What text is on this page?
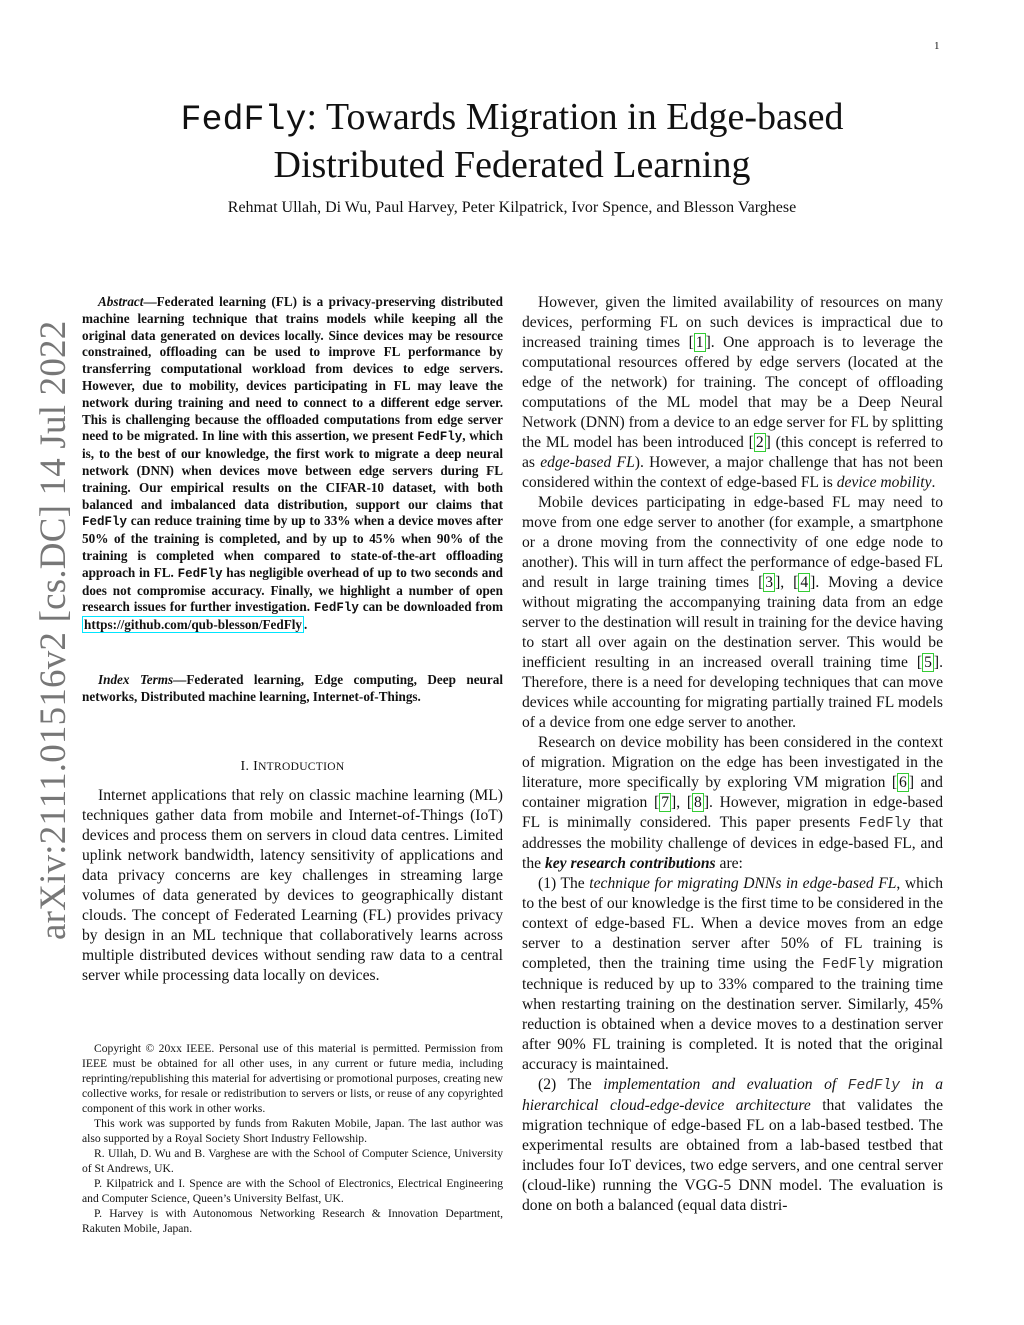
1
arXiv:2111.01516v2 [cs.DC] 14 Jul 2022
FedFly: Towards Migration in Edge-based
Distributed Federated Learning
Rehmat Ullah, Di Wu, Paul Harvey, Peter Kilpatrick, Ivor Spence, and Blesson Varghese

Abstract—Federated learning (FL) is a privacy-preserving distributed machine learning technique that trains models while keeping all the original data generated on devices locally. Since devices may be resource constrained, offloading can be used to improve FL performance by transferring computational workload from devices to edge servers. However, due to mobility, devices participating in FL may leave the network during training and need to connect to a different edge server. This is challenging because the offloaded computations from edge server need to be migrated. In line with this assertion, we present FedFly, which is, to the best of our knowledge, the first work to migrate a deep neural network (DNN) when devices move between edge servers during FL training. Our empirical results on the CIFAR-10 dataset, with both balanced and imbalanced data distribution, support our claims that FedFly can reduce training time by up to 33% when a device moves after 50% of the training is completed, and by up to 45% when 90% of the training is completed when compared to state-of-the-art offloading approach in FL. FedFly has negligible overhead of up to two seconds and does not compromise accuracy. Finally, we highlight a number of open research issues for further investigation. FedFly can be downloaded from https://github.com/qub-blesson/FedFly .

Index Terms—Federated learning, Edge computing, Deep neural networks, Distributed machine learning, Internet-of-Things.

I. INTRODUCTION

Internet applications that rely on classic machine learning (ML) techniques gather data from mobile and Internet-of-Things (IoT) devices and process them on servers in cloud data centres. Limited uplink network bandwidth, latency sensitivity of applications and data privacy concerns are key challenges in streaming large volumes of data generated by devices to geographically distant clouds. The concept of Federated Learning (FL) provides privacy by design in an ML technique that collaboratively learns across multiple distributed devices without sending raw data to a central server while processing data locally on devices.

Copyright © 20xx IEEE. Personal use of this material is permitted. Permission from IEEE must be obtained for all other uses, in any current or future media, including reprinting/republishing this material for advertising or promotional purposes, creating new collective works, for resale or redistribution to servers or lists, or reuse of any copyrighted component of this work in other works.

This work was supported by funds from Rakuten Mobile, Japan. The last author was also supported by a Royal Society Short Industry Fellowship.

R. Ullah, D. Wu and B. Varghese are with the School of Computer Science, University of St Andrews, UK.

P. Kilpatrick and I. Spence are with the School of Electronics, Electrical Engineering and Computer Science, Queen’s University Belfast, UK.

P. Harvey is with Autonomous Networking Research & Innovation Department, Rakuten Mobile, Japan.

However, given the limited availability of resources on many devices, performing FL on such devices is impractical due to increased training times [ 1 ]. One approach is to leverage the computational resources offered by edge servers (located at the edge of the network) for training. The concept of offloading computations of the ML model that may be a Deep Neural Network (DNN) from a device to an edge server for FL by splitting the ML model has been introduced [ 2 ] (this concept is referred to as edge-based FL). However, a major challenge that has not been considered within the context of edge-based FL is device mobility.

Mobile devices participating in edge-based FL may need to move from one edge server to another (for example, a smartphone or a drone moving from the connectivity of one edge node to another). This will in turn affect the performance of edge-based FL and result in large training times [ 3 ], [ 4 ]. Moving a device without migrating the accompanying training data from an edge server to the destination will result in training for the device having to start all over again on the destination server. This would be inefficient resulting in an increased overall training time [ 5 ]. Therefore, there is a need for developing techniques that can move devices while accounting for migrating partially trained FL models of a device from one edge server to another.

Research on device mobility has been considered in the context of migration. Migration on the edge has been investigated in the literature, more specifically by exploring VM migration [ 6 ] and container migration [ 7 ], [ 8 ]. However, migration in edge-based FL is minimally considered. This paper presents FedFly that addresses the mobility challenge of devices in edge-based FL, and the key research contributions are:

(1) The technique for migrating DNNs in edge-based FL, which to the best of our knowledge is the first time to be considered in the context of edge-based FL. When a device moves from an edge server to a destination server after 50% of FL training is completed, then the training time using the FedFly migration technique is reduced by up to 33% compared to the training time when restarting training on the destination server. Similarly, 45% reduction is obtained when a device moves to a destination server after 90% FL training is completed. It is noted that the original accuracy is maintained.

(2) The implementation and evaluation of FedFly in a hierarchical cloud-edge-device architecture that validates the migration technique of edge-based FL on a lab-based testbed. The experimental results are obtained from a lab-based testbed that includes four IoT devices, two edge servers, and one central server (cloud-like) running the VGG-5 DNN model. The evaluation is done on both a balanced (equal data distri-
